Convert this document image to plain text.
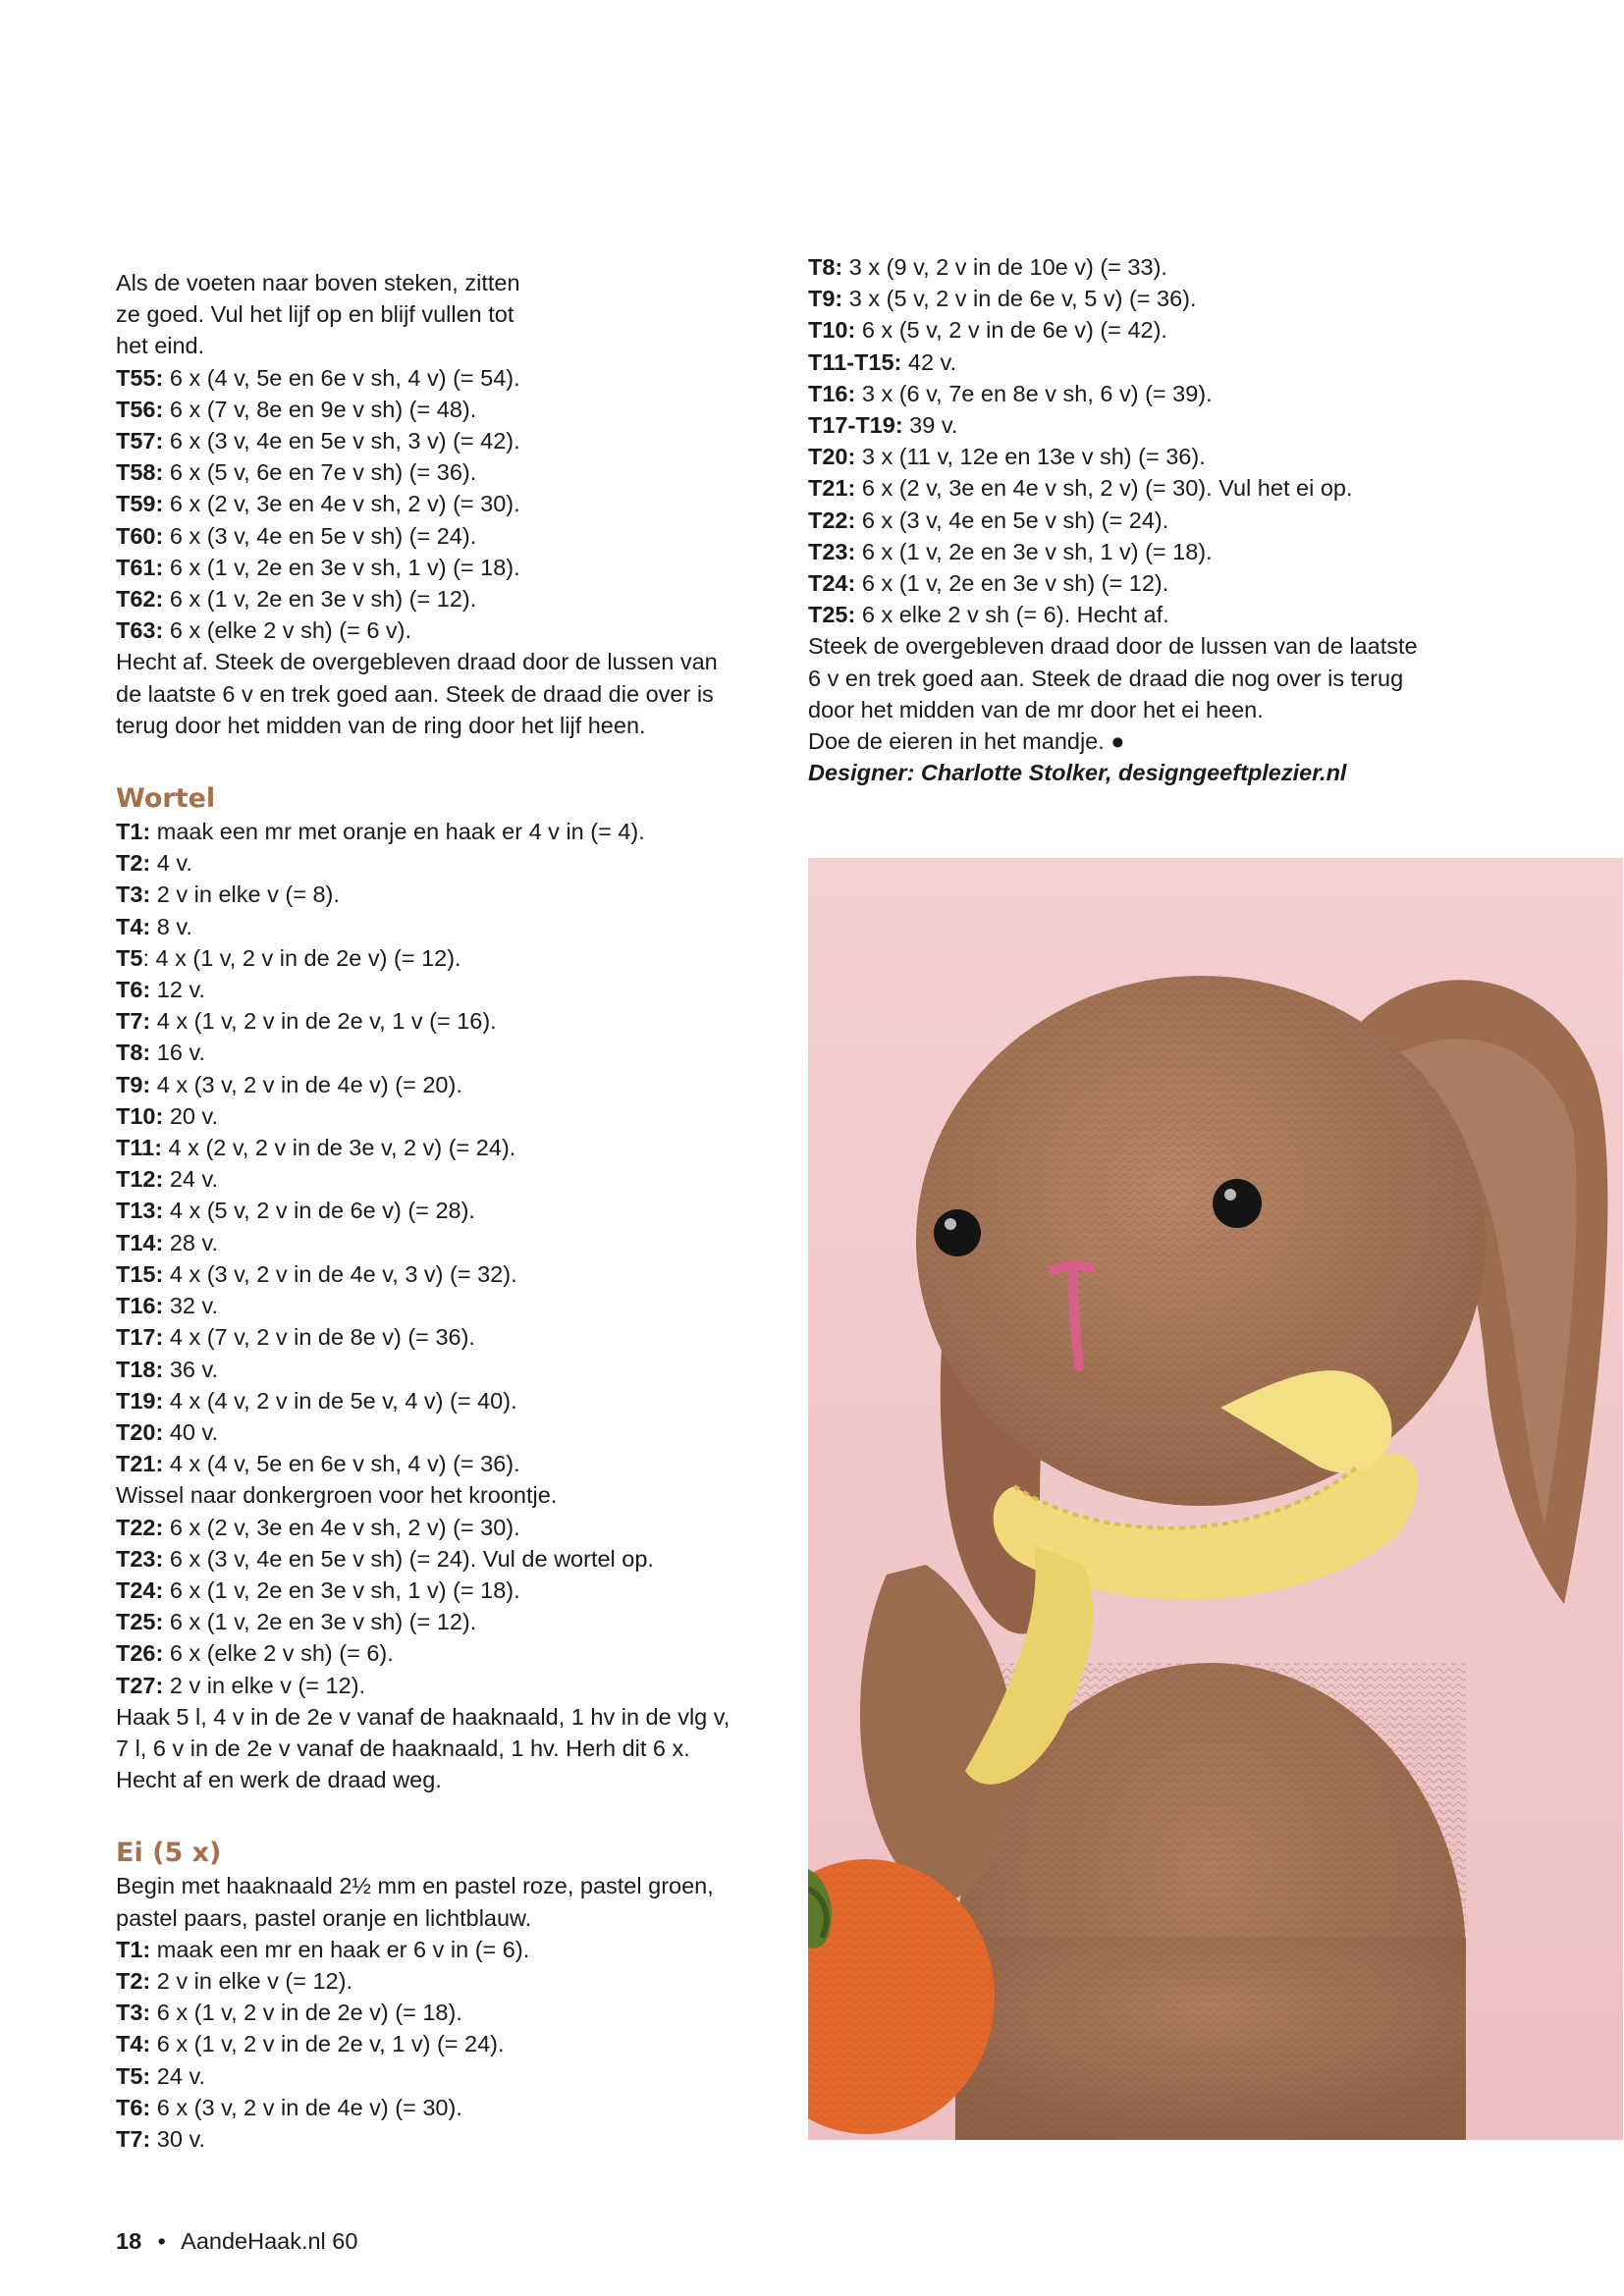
Als de voeten naar boven steken, zitten
ze goed. Vul het lijf op en blijf vullen tot
het eind.
T55: 6 x (4 v, 5e en 6e v sh, 4 v) (= 54).
T56: 6 x (7 v, 8e en 9e v sh) (= 48).
T57: 6 x (3 v, 4e en 5e v sh, 3 v) (= 42).
T58: 6 x (5 v, 6e en 7e v sh) (= 36).
T59: 6 x (2 v, 3e en 4e v sh, 2 v) (= 30).
T60: 6 x (3 v, 4e en 5e v sh) (= 24).
T61: 6 x (1 v, 2e en 3e v sh, 1 v) (= 18).
T62: 6 x (1 v, 2e en 3e v sh) (= 12).
T63: 6 x (elke 2 v sh) (= 6 v).
Hecht af. Steek de overgebleven draad door de lussen van
de laatste 6 v en trek goed aan. Steek de draad die over is
terug door het midden van de ring door het lijf heen.
Wortel
T1: maak een mr met oranje en haak er 4 v in (= 4).
T2: 4 v.
T3: 2 v in elke v (= 8).
T4: 8 v.
T5: 4 x (1 v, 2 v in de 2e v) (= 12).
T6: 12 v.
T7: 4 x (1 v, 2 v in de 2e v, 1 v (= 16).
T8: 16 v.
T9: 4 x (3 v, 2 v in de 4e v) (= 20).
T10: 20 v.
T11: 4 x (2 v, 2 v in de 3e v, 2 v) (= 24).
T12: 24 v.
T13: 4 x (5 v, 2 v in de 6e v) (= 28).
T14: 28 v.
T15: 4 x (3 v, 2 v in de 4e v, 3 v) (= 32).
T16: 32 v.
T17: 4 x (7 v, 2 v in de 8e v) (= 36).
T18: 36 v.
T19: 4 x (4 v, 2 v in de 5e v, 4 v) (= 40).
T20: 40 v.
T21: 4 x (4 v, 5e en 6e v sh, 4 v) (= 36).
Wissel naar donkergroen voor het kroontje.
T22: 6 x (2 v, 3e en 4e v sh, 2 v) (= 30).
T23: 6 x (3 v, 4e en 5e v sh) (= 24). Vul de wortel op.
T24: 6 x (1 v, 2e en 3e v sh, 1 v) (= 18).
T25: 6 x (1 v, 2e en 3e v sh) (= 12).
T26: 6 x (elke 2 v sh) (= 6).
T27: 2 v in elke v (= 12).
Haak 5 l, 4 v in de 2e v vanaf de haaknaald, 1 hv in de vlg v,
7 l, 6 v in de 2e v vanaf de haaknaald, 1 hv. Herh dit 6 x.
Hecht af en werk de draad weg.
Ei (5 x)
Begin met haaknaald 2½ mm en pastel roze, pastel groen,
pastel paars, pastel oranje en lichtblauw.
T1: maak een mr en haak er 6 v in (= 6).
T2: 2 v in elke v (= 12).
T3: 6 x (1 v, 2 v in de 2e v) (= 18).
T4: 6 x (1 v, 2 v in de 2e v, 1 v) (= 24).
T5: 24 v.
T6: 6 x (3 v, 2 v in de 4e v) (= 30).
T7: 30 v.
T8: 3 x (9 v, 2 v in de 10e v) (= 33).
T9: 3 x (5 v, 2 v in de 6e v, 5 v) (= 36).
T10: 6 x (5 v, 2 v in de 6e v) (= 42).
T11-T15: 42 v.
T16: 3 x (6 v, 7e en 8e v sh, 6 v) (= 39).
T17-T19: 39 v.
T20: 3 x (11 v, 12e en 13e v sh) (= 36).
T21: 6 x (2 v, 3e en 4e v sh, 2 v) (= 30). Vul het ei op.
T22: 6 x (3 v, 4e en 5e v sh) (= 24).
T23: 6 x (1 v, 2e en 3e v sh, 1 v) (= 18).
T24: 6 x (1 v, 2e en 3e v sh) (= 12).
T25: 6 x elke 2 v sh (= 6). Hecht af.
Steek de overgebleven draad door de lussen van de laatste
6 v en trek goed aan. Steek de draad die nog over is terug
door het midden van de mr door het ei heen.
Doe de eieren in het mandje. ●
Designer: Charlotte Stolker, designgeeftplezier.nl
18 • AandeHaak.nl 60
